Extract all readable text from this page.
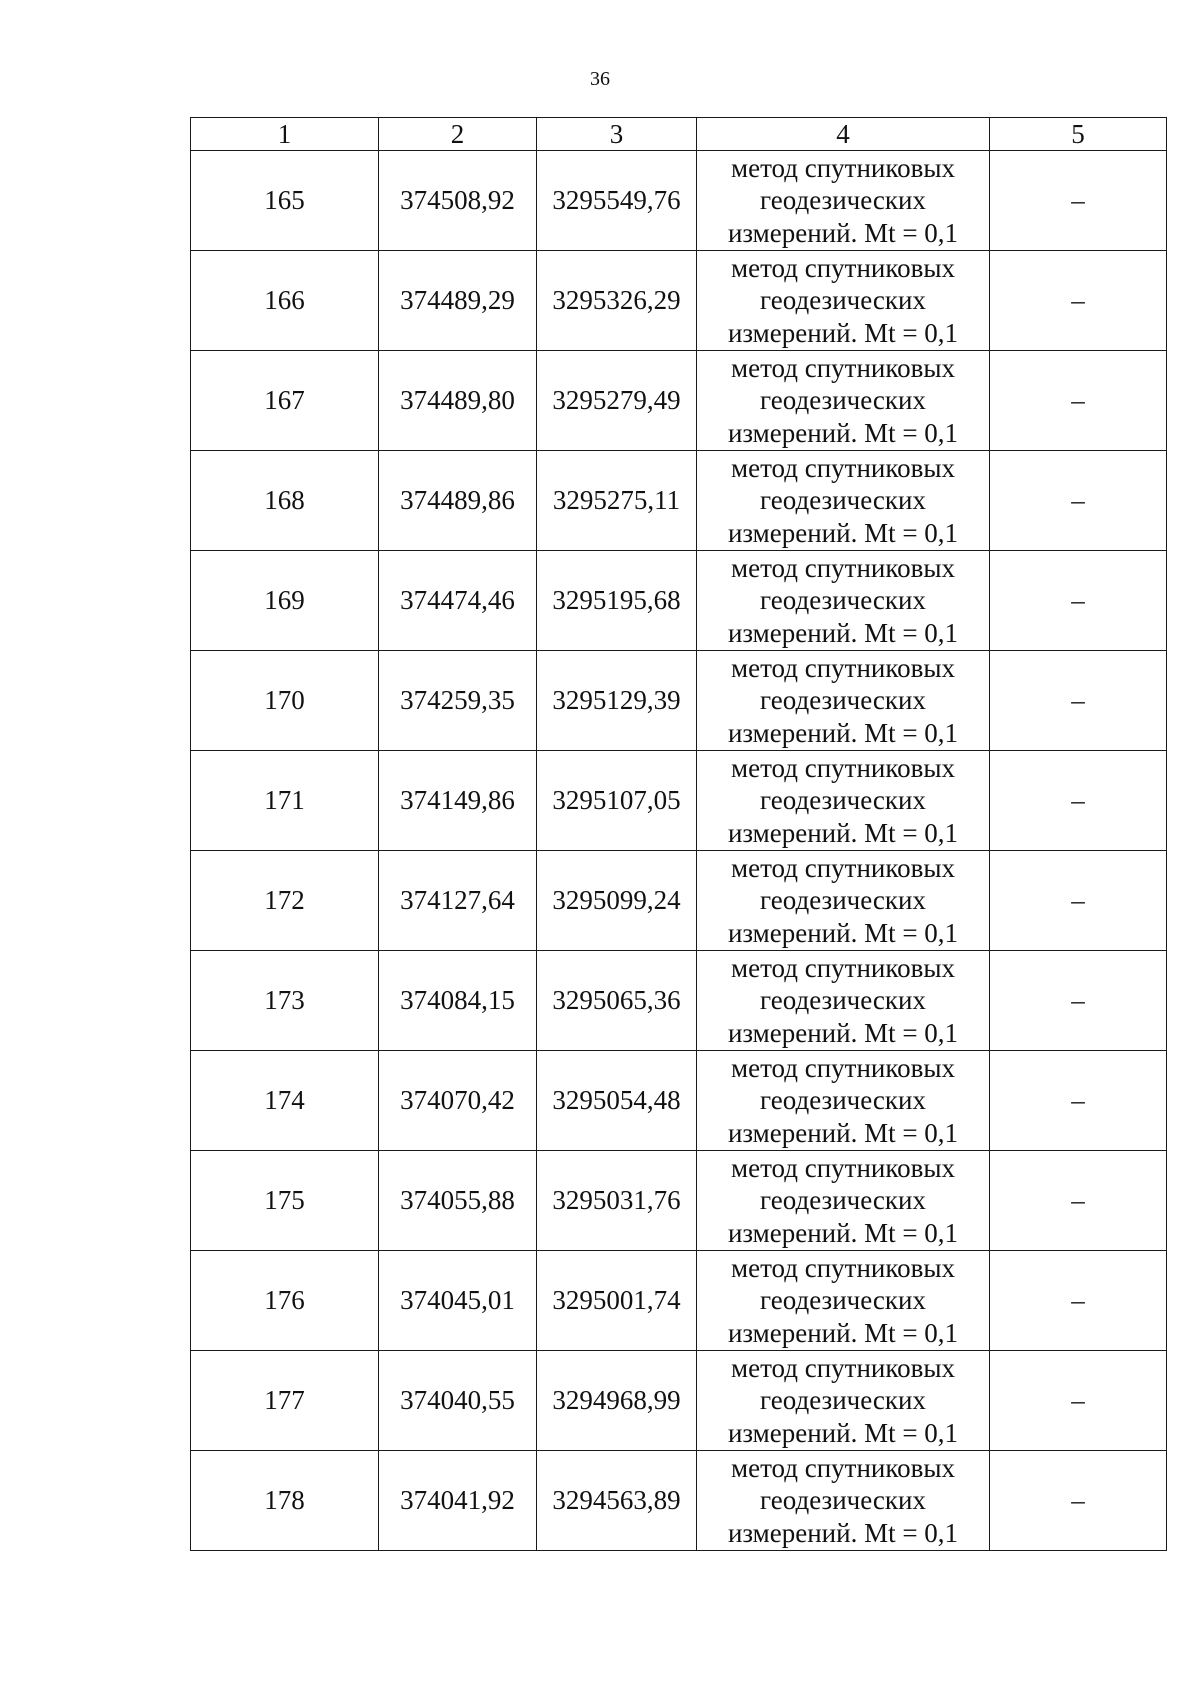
36
1	2	3	4	5
165	374508,92	3295549,76	метод спутниковых
геодезических
измерений. Mt = 0,1	–
166	374489,29	3295326,29	метод спутниковых
геодезических
измерений. Mt = 0,1	–
167	374489,80	3295279,49	метод спутниковых
геодезических
измерений. Mt = 0,1	–
168	374489,86	3295275,11	метод спутниковых
геодезических
измерений. Mt = 0,1	–
169	374474,46	3295195,68	метод спутниковых
геодезических
измерений. Mt = 0,1	–
170	374259,35	3295129,39	метод спутниковых
геодезических
измерений. Mt = 0,1	–
171	374149,86	3295107,05	метод спутниковых
геодезических
измерений. Mt = 0,1	–
172	374127,64	3295099,24	метод спутниковых
геодезических
измерений. Mt = 0,1	–
173	374084,15	3295065,36	метод спутниковых
геодезических
измерений. Mt = 0,1	–
174	374070,42	3295054,48	метод спутниковых
геодезических
измерений. Mt = 0,1	–
175	374055,88	3295031,76	метод спутниковых
геодезических
измерений. Mt = 0,1	–
176	374045,01	3295001,74	метод спутниковых
геодезических
измерений. Mt = 0,1	–
177	374040,55	3294968,99	метод спутниковых
геодезических
измерений. Mt = 0,1	–
178	374041,92	3294563,89	метод спутниковых
геодезических
измерений. Mt = 0,1	–
